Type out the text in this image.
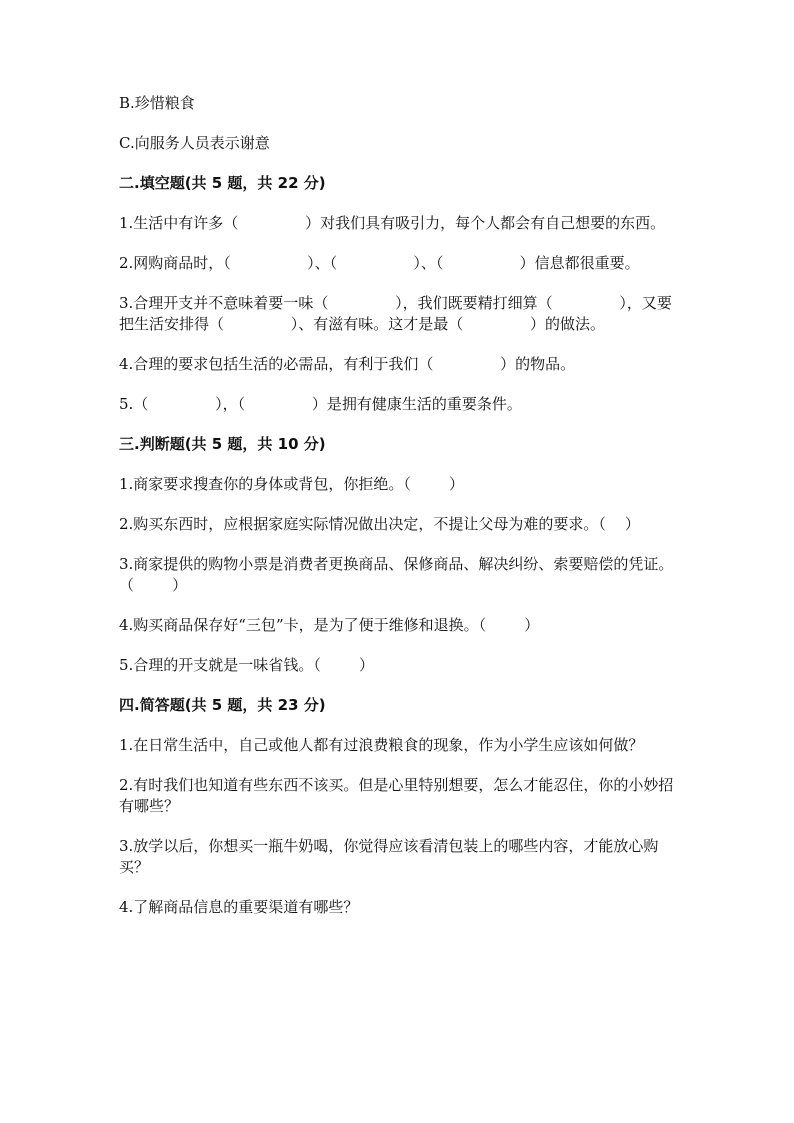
B.珍惜粮食

C.向服务人员表示谢意

二.填空题(共 5 题，共 22 分)

1.生活中有许多（              ）对我们具有吸引力，每个人都会有自己想要的东西。

2.网购商品时，（                ）、（                ）、（                ）信息都很重要。

3.合理开支并不意味着要一味（              ），我们既要精打细算（              ），又要把生活安排得（              ）、有滋有味。这才是最（              ）的做法。

4.合理的要求包括生活的必需品，有利于我们（              ）的物品。

5.（              ），（              ）是拥有健康生活的重要条件。

三.判断题(共 5 题，共 10 分)

1.商家要求搜查你的身体或背包，你拒绝。（        ）

2.购买东西时，应根据家庭实际情况做出决定，不提让父母为难的要求。（    ）

3.商家提供的购物小票是消费者更换商品、保修商品、解决纠纷、索要赔偿的凭证。（        ）

4.购买商品保存好“三包”卡，是为了便于维修和退换。（        ）

5.合理的开支就是一味省钱。（        ）

四.简答题(共 5 题，共 23 分)

1.在日常生活中，自己或他人都有过浪费粮食的现象，作为小学生应该如何做？

2.有时我们也知道有些东西不该买。但是心里特别想要，怎么才能忍住，你的小妙招有哪些？

3.放学以后，你想买一瓶牛奶喝，你觉得应该看清包装上的哪些内容，才能放心购买？

4.了解商品信息的重要渠道有哪些？
